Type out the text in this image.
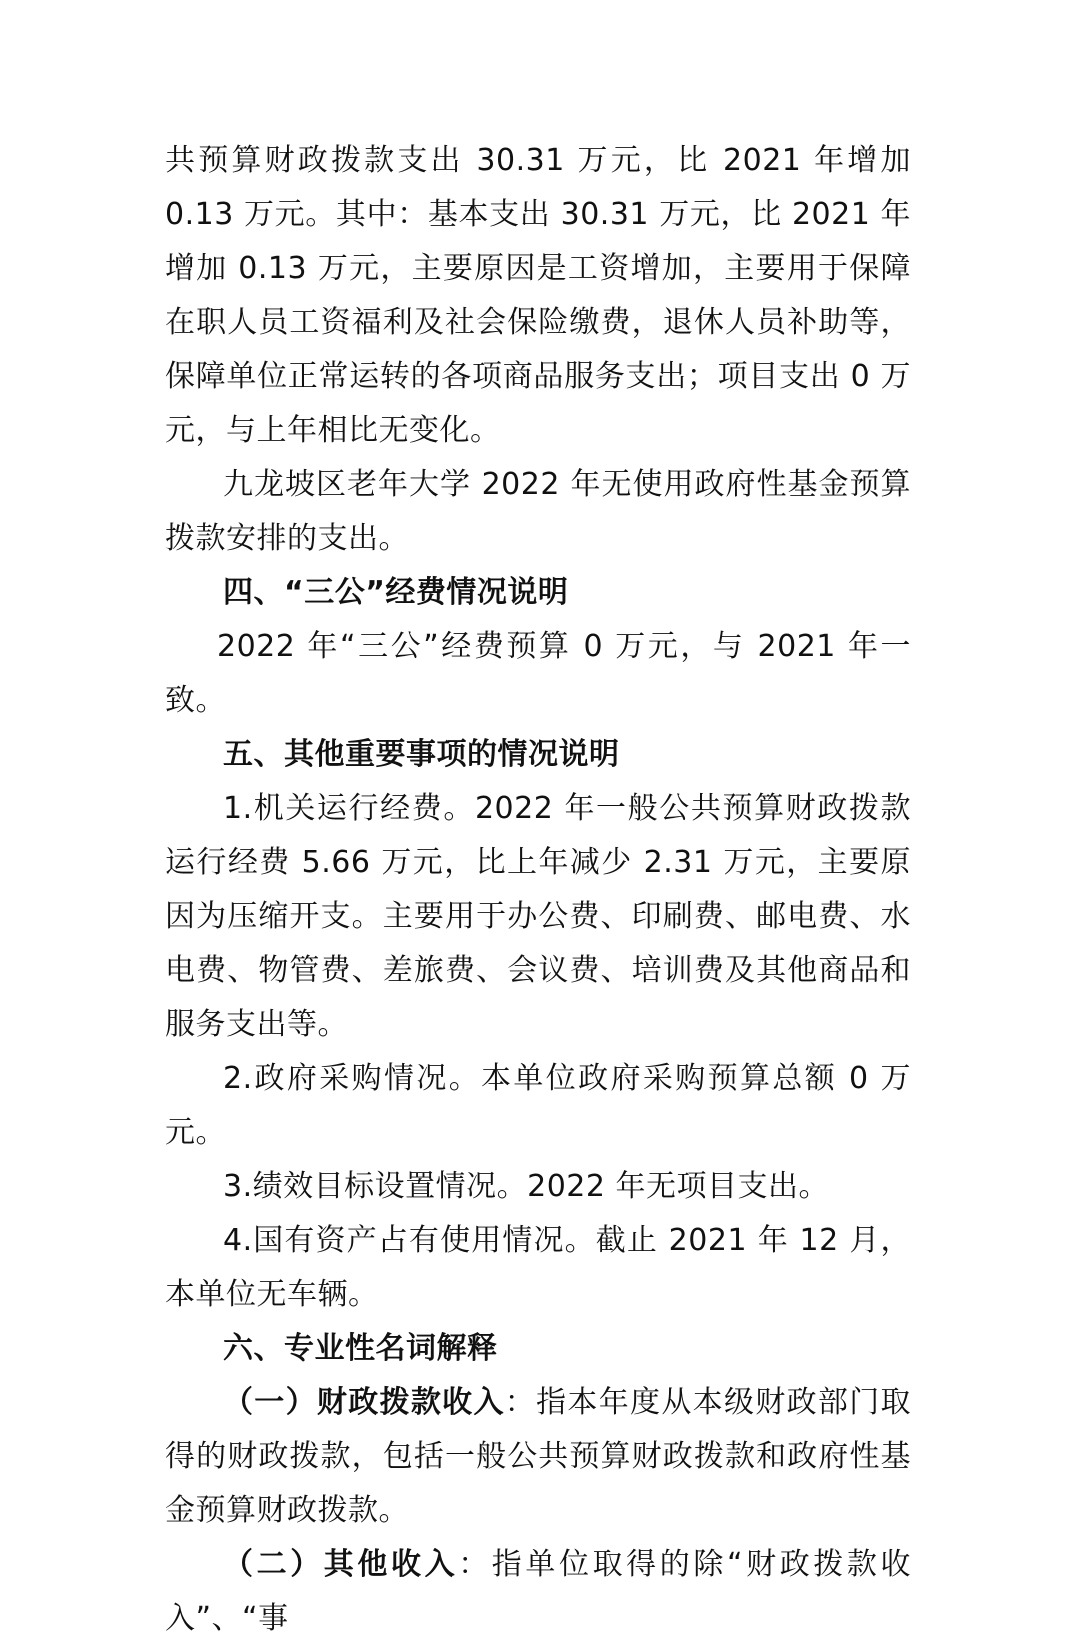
共预算财政拨款支出 30.31 万元，比 2021 年增加 0.13 万元。其中：基本支出 30.31 万元，比 2021 年增加 0.13 万元，主要原因是工资增加，主要用于保障在职人员工资福利及社会保险缴费，退休人员补助等，保障单位正常运转的各项商品服务支出；项目支出 0 万元，与上年相比无变化。

九龙坡区老年大学 2022 年无使用政府性基金预算拨款安排的支出。

四、“三公”经费情况说明

2022 年“三公”经费预算 0 万元，与 2021 年一致。

五、其他重要事项的情况说明

1.机关运行经费。2022 年一般公共预算财政拨款运行经费 5.66 万元，比上年减少 2.31 万元，主要原因为压缩开支。主要用于办公费、印刷费、邮电费、水电费、物管费、差旅费、会议费、培训费及其他商品和服务支出等。

2.政府采购情况。本单位政府采购预算总额 0 万元。

3.绩效目标设置情况。2022 年无项目支出。

4.国有资产占有使用情况。截止 2021 年 12 月，本单位无车辆。

六、专业性名词解释

（一）财政拨款收入：指本年度从本级财政部门取得的财政拨款，包括一般公共预算财政拨款和政府性基金预算财政拨款。

（二）其他收入：指单位取得的除“财政拨款收入”、“事
